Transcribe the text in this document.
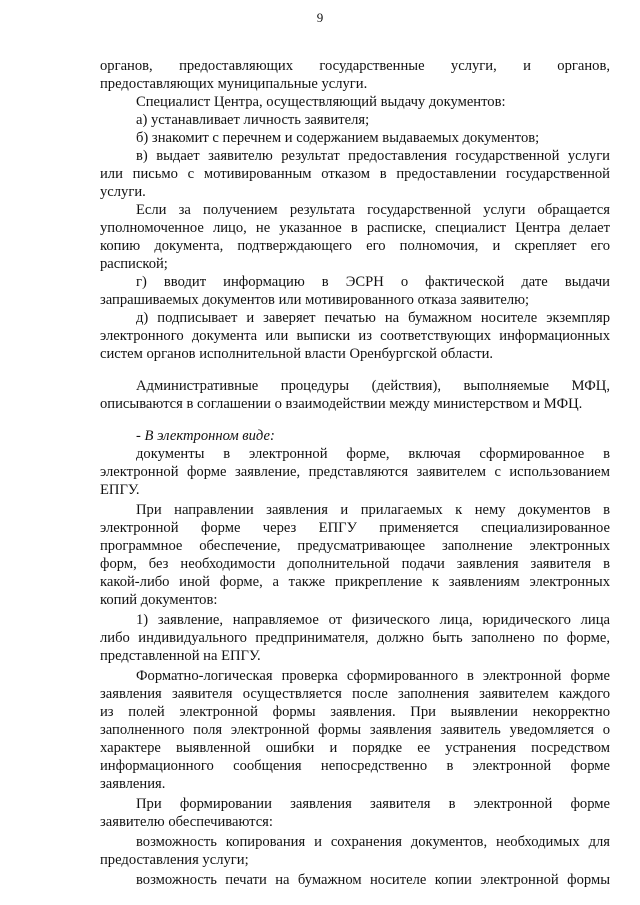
9
органов, предоставляющих государственные услуги, и органов,
предоставляющих муниципальные услуги.
Специалист Центра, осуществляющий выдачу документов:
а) устанавливает личность заявителя;
б) знакомит с перечнем и содержанием выдаваемых документов;
в) выдает заявителю результат предоставления государственной услуги
или письмо с мотивированным отказом в предоставлении государственной
услуги.
Если за получением результата государственной услуги обращается
уполномоченное лицо, не указанное в расписке, специалист Центра делает
копию документа, подтверждающего его полномочия, и скрепляет его
распиской;
г) вводит информацию в ЭСРН о фактической дате выдачи
запрашиваемых документов или мотивированного отказа заявителю;
д) подписывает и заверяет печатью на бумажном носителе экземпляр
электронного документа или выписки из соответствующих информационных
систем органов исполнительной власти Оренбургской области.
Административные процедуры (действия), выполняемые МФЦ,
описываются в соглашении о взаимодействии между министерством и МФЦ.
- В электронном виде:
документы в электронной форме, включая сформированное в
электронной форме заявление, представляются заявителем с использованием
ЕПГУ.
При направлении заявления и прилагаемых к нему документов в
электронной форме через ЕПГУ применяется специализированное
программное обеспечение, предусматривающее заполнение электронных
форм, без необходимости дополнительной подачи заявления заявителя в
какой-либо иной форме, а также прикрепление к заявлениям электронных
копий документов:
1) заявление, направляемое от физического лица, юридического лица
либо индивидуального предпринимателя, должно быть заполнено по форме,
представленной на ЕПГУ.
Форматно-логическая проверка сформированного в электронной форме
заявления заявителя осуществляется после заполнения заявителем каждого
из полей электронной формы заявления. При выявлении некорректно
заполненного поля электронной формы заявления заявитель уведомляется о
характере выявленной ошибки и порядке ее устранения посредством
информационного сообщения непосредственно в электронной форме
заявления.
При формировании заявления заявителя в электронной форме
заявителю обеспечиваются:
возможность копирования и сохранения документов, необходимых для
предоставления услуги;
возможность печати на бумажном носителе копии электронной формы
